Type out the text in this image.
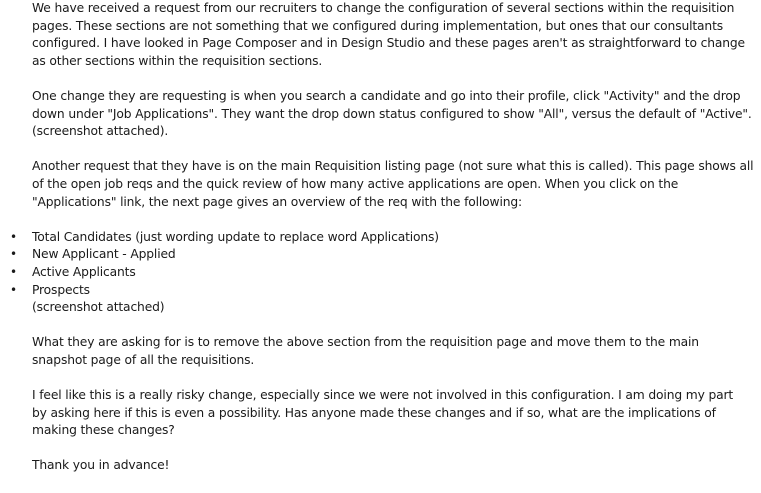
We have received a request from our recruiters to change the configuration of several sections within the requisition pages. These sections are not something that we configured during implementation, but ones that our consultants configured. I have looked in Page Composer and in Design Studio and these pages aren't as straightforward to change as other sections within the requisition sections.

One change they are requesting is when you search a candidate and go into their profile, click "Activity" and the drop down under "Job Applications". They want the drop down status configured to show "All", versus the default of "Active". (screenshot attached).

Another request that they have is on the main Requisition listing page (not sure what this is called). This page shows all of the open job reqs and the quick review of how many active applications are open. When you click on the "Applications" link, the next page gives an overview of the req with the following:

• Total Candidates (just wording update to replace word Applications)
• New Applicant - Applied
• Active Applicants
• Prospects

(screenshot attached)

What they are asking for is to remove the above section from the requisition page and move them to the main snapshot page of all the requisitions.

I feel like this is a really risky change, especially since we were not involved in this configuration. I am doing my part by asking here if this is even a possibility. Has anyone made these changes and if so, what are the implications of making these changes?

Thank you in advance!
